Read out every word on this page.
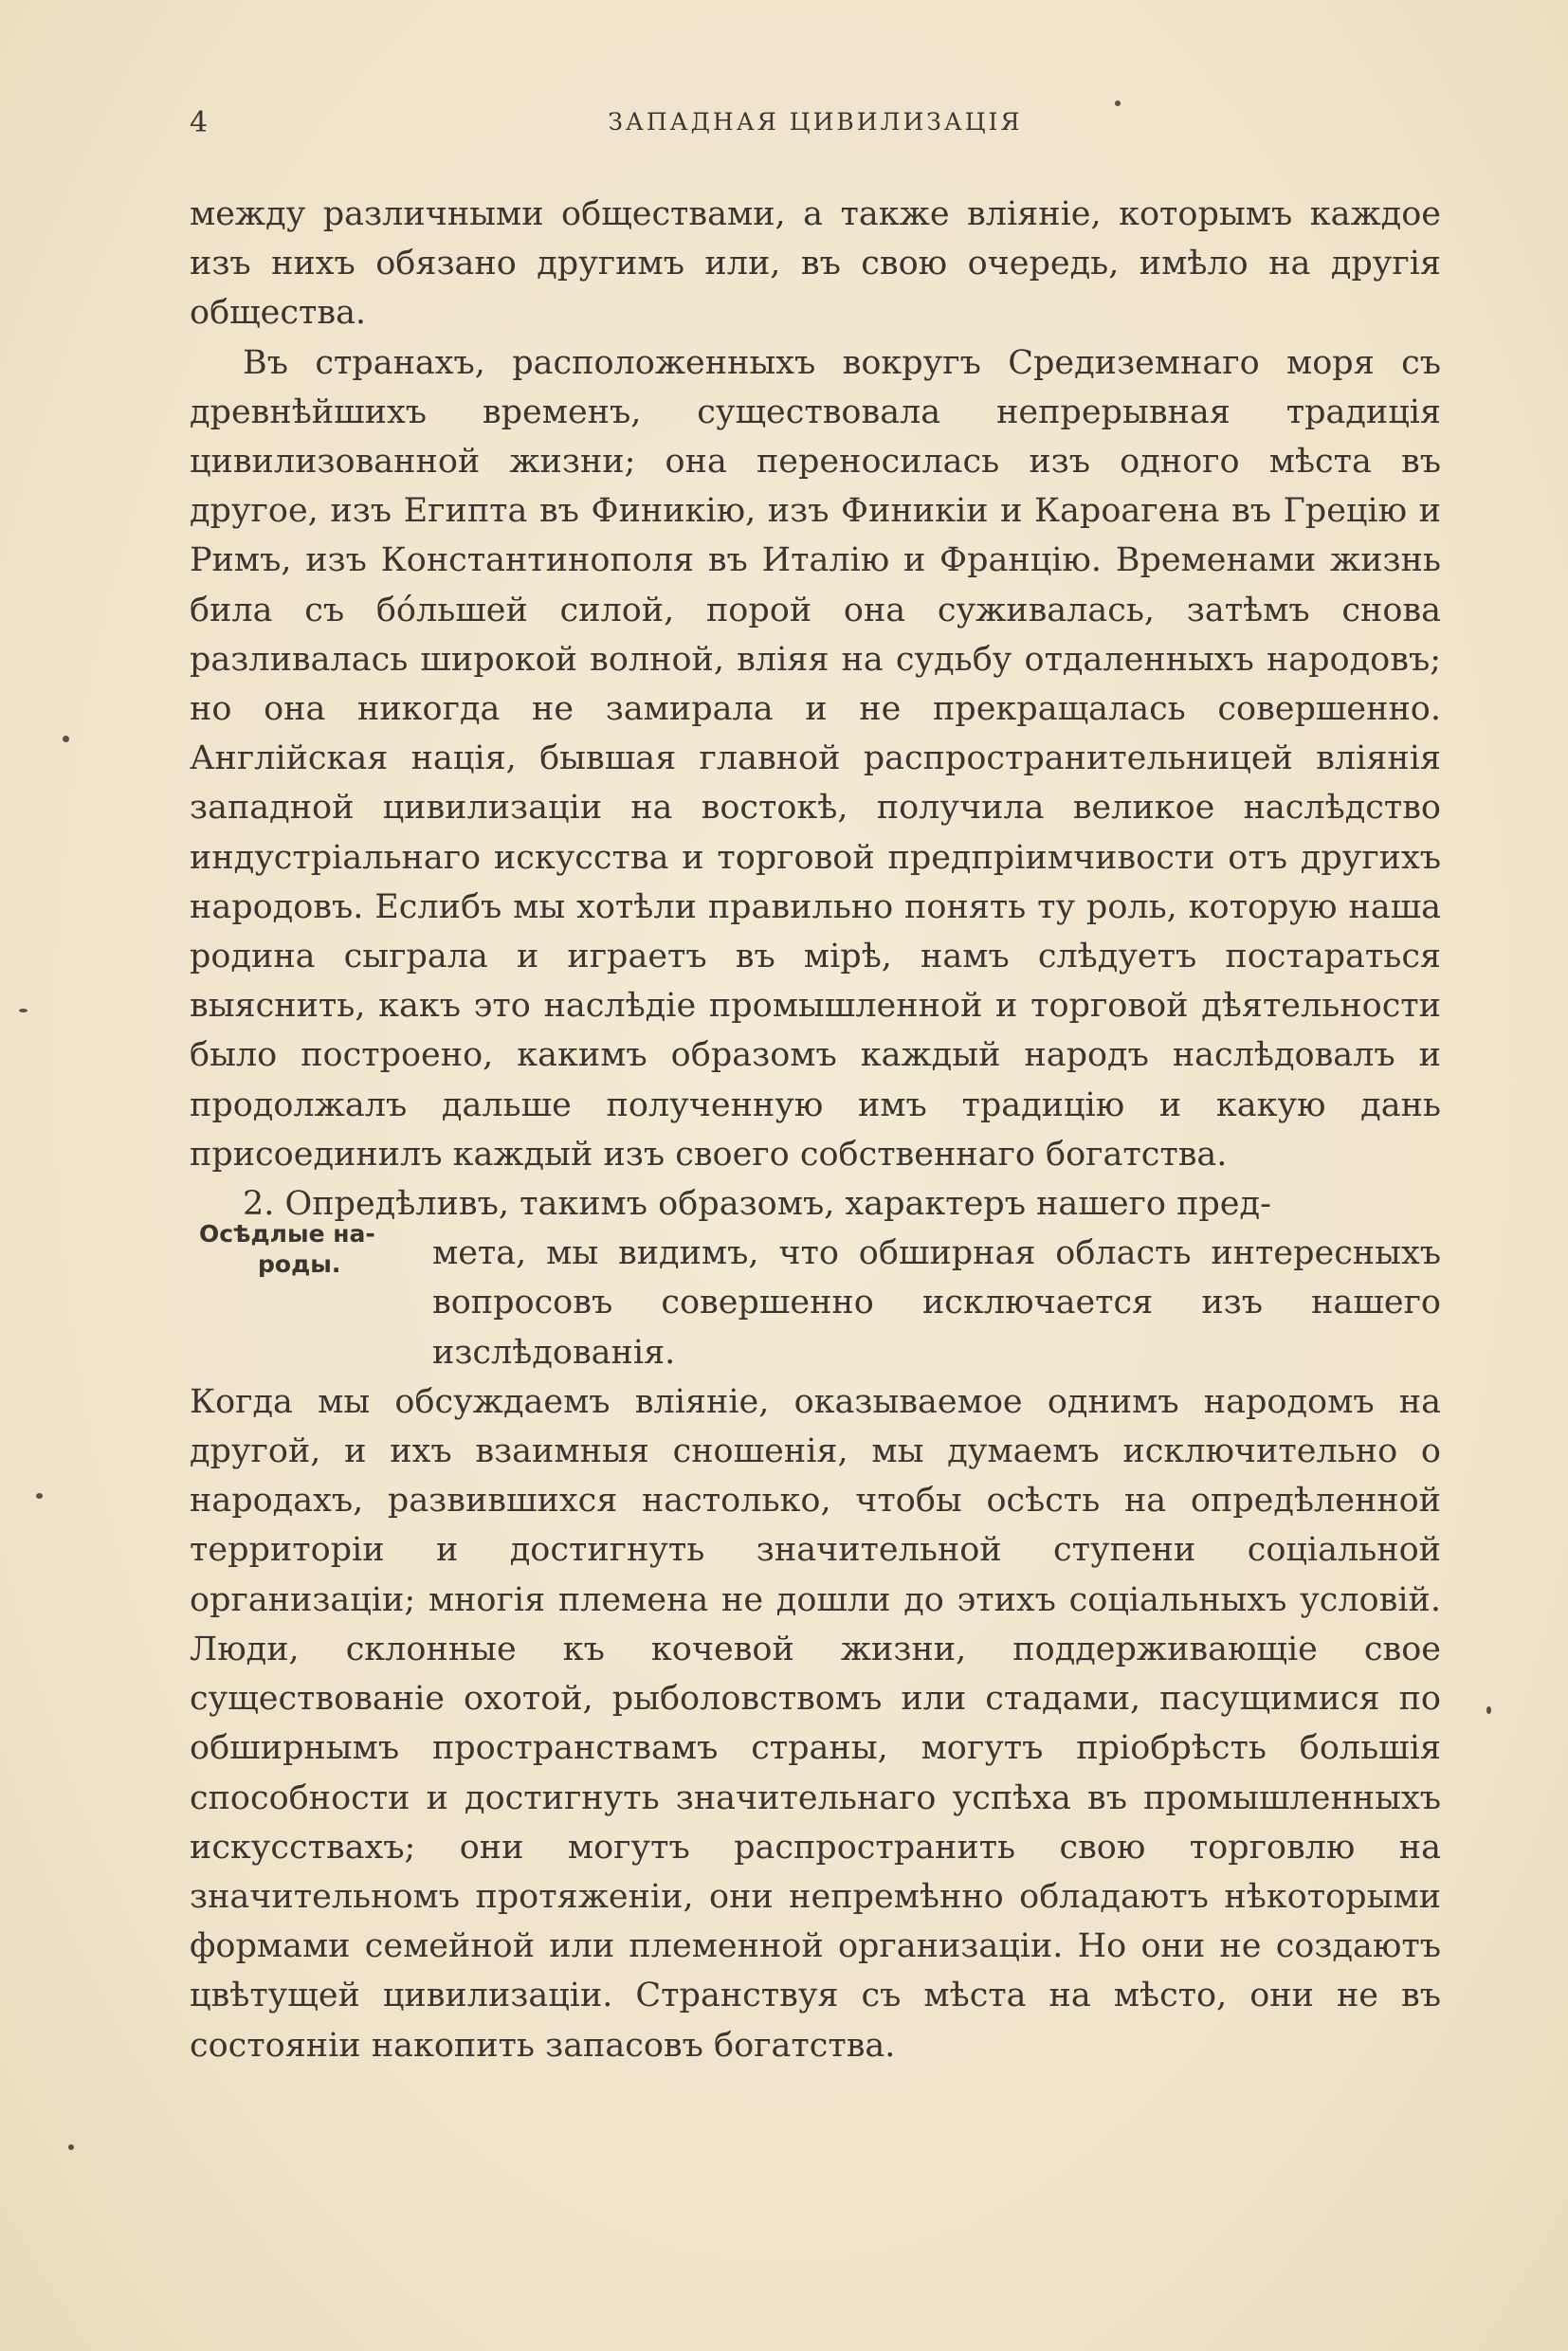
4	ЗАПАДНАЯ ЦИВИЛИЗАЦІЯ

между различными обществами, а также вліяніе, которымъ каждое изъ нихъ обязано другимъ или, въ свою очередь, имѣло на другія общества.

Въ странахъ, расположенныхъ вокругъ Средиземнаго моря съ древнѣйшихъ временъ, существовала непрерывная традиція цивилизованной жизни; она переносилась изъ одного мѣста въ другое, изъ Египта въ Финикію, изъ Финикіи и Кароагена въ Грецію и Римъ, изъ Константинополя въ Италію и Францію. Временами жизнь била съ бо́льшей силой, порой она суживалась, затѣмъ снова разливалась широкой волной, вліяя на судьбу отдаленныхъ народовъ; но она никогда не замирала и не прекращалась совершенно. Англійская нація, бывшая главной распространительницей вліянія западной цивилизаціи на востокѣ, получила великое наслѣдство индустріальнаго искусства и торговой предпріимчивости отъ другихъ народовъ. Еслибъ мы хотѣли правильно понять ту роль, которую наша родина сыграла и играетъ въ мірѣ, намъ слѣдуетъ постараться выяснить, какъ это наслѣдіе промышленной и торговой дѣятельности было построено, какимъ образомъ каждый народъ наслѣдовалъ и продолжалъ дальше полученную имъ традицію и какую дань присоединилъ каждый изъ своего собственнаго богатства.

2. Опредѣливъ, такимъ образомъ, характеръ нашего пред-

Осѣдлые на-
роды.	мета, мы видимъ, что обширная область интересныхъ вопросовъ совершенно исключается изъ нашего изслѣдованія.

Когда мы обсуждаемъ вліяніе, оказываемое однимъ народомъ на другой, и ихъ взаимныя сношенія, мы думаемъ исключительно о народахъ, развившихся настолько, чтобы осѣсть на опредѣленной территоріи и достигнуть значительной ступени соціальной организаціи; многія племена не дошли до этихъ соціальныхъ условій. Люди, склонные къ кочевой жизни, поддерживающіе свое существованіе охотой, рыболовствомъ или стадами, пасущимися по обширнымъ пространствамъ страны, могутъ пріобрѣсть большія способности и достигнуть значительнаго успѣха въ промышленныхъ искусствахъ; они могутъ распространить свою торговлю на значительномъ протяженіи, они непремѣнно обладаютъ нѣкоторыми формами семейной или племенной организаціи. Но они не создаютъ цвѣтущей цивилизаціи. Странствуя съ мѣста на мѣсто, они не въ состояніи накопить запасовъ богатства.
